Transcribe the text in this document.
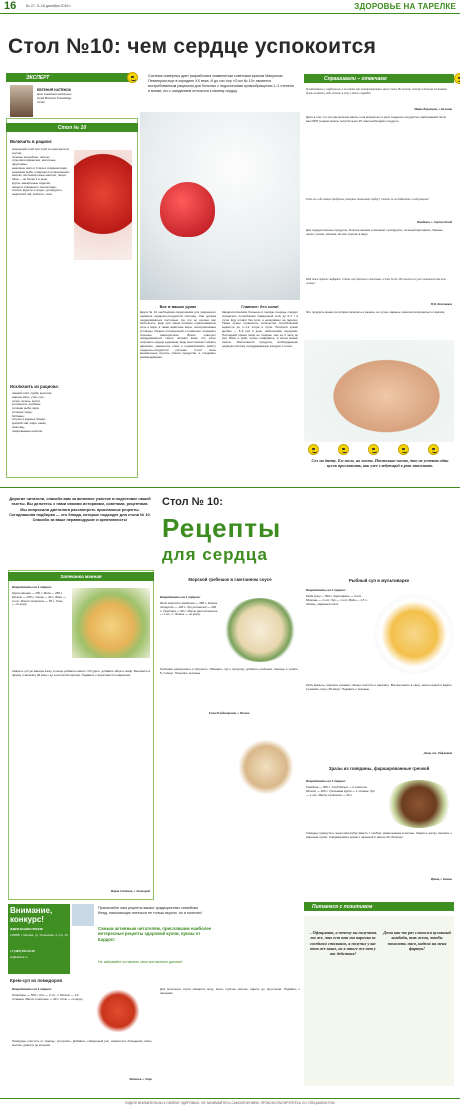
16	№ 27, 5–18 декабря 2016 г.	ЗДОРОВЬЕ НА ТАРЕЛКЕ
Стол №10: чем сердце успокоится
ЭКСПЕРТ

ЕВГЕНИЯ НАТЯЖОК
врач семейной медицины Israel Bonicam Knowledge center
Система номерных диет разработана знаменитым советским врачом Мануилом Певзнером еще в середине XX века. И до сих пор «Стол № 10» является востребованным рационом для больных с недостатками кровообращения 1–2 степени и всеми, кто с ожиданием относится к своему сердцу.
Стол № 10
Включить в рацион:
вчерашний хлеб или хлеб из муки высших сортов;
печенье несдобное, галеты;
супы вегетарианские, молочные, фруктовые;
нежирное мясо и птица в отварном виде;
нежирная рыба, отварная или запечённая;
молоко, кисломолочные напитки, творог;
яйца — не более 1 в день;
крупы, макаронные изделия;
овощи в отварном и сыром виде;
спелые фрукты и ягоды, сухофрукты;
некрепкий чай, компоты, соки.
Исключить из рациона:
свежий хлеб, сдоба, выпечка;
жирное мясо, утка, гусь;
почки, печень, мозги;
копчёности, колбасы;
солёная рыба, икра;
солёные сыры;
бобовые;
острые и жирные блюда;
крепкий чай, кофе, какао;
шоколад;
газированные напитки.
Все в ваших руках
Диета № 10 необходима сердечникам для умеренного щажения сердечно-сосудистой системы. Она должна поддерживаться постоянно. Но это не должно вас беспокоить, ведь при таком питании ограничиваются соль и вода, а также животные жиры, легкоусвояемые углеводы. Рацион полноценный и позволяет сохранять хорошее самочувствие. Врачи советуют придерживаться такого питания всем, кто хочет сохранить сердце здоровым, ведь она помогает снизить давление, уменьшить отеки и нормализовать работу сердечно-сосудистой системы. Стоит лишь внимательно изучить списки продуктов, и следовать рекомендациям.
Главное: без соли!
Кардиологическим больным в первую очередь следует ограничить потребление поваренной соли до 5–7 г в сутки. Еду готовят без соли, а досаливают на тарелке. Также нужно ограничить количество потребляемой жидкости до 1–1,2 литра в сутки. Питаться нужно дробно — 5–6 раз в день, небольшими порциями. Последний прием пищи не позднее чем за 3 часа до сна. Мясо и рыбу лучше отваривать, а затем можно запечь. Исключаются продукты, возбуждающие нервную систему и раздражающие желудок и почки.
Спрашивали – отвечаем

Я наблюдаюсь у кардиолога, и он сказал мне контролировать массу тела. Но почему, почему я должна постоянно быть на диете, ведь лечить я хочу у меня в порядке!
Мария Воронцова, г. Коломна
Дело в том, что при увеличении массы тела возрастает и риск сердечно-сосудистых заболеваний. Если ваш ИМТ (индекс массы тела) больше 25, вам необходимо похудеть.
Есть ли в еде такие продукты, которые помогают сердцу? Стоит ли их добавлять в свой рацион?
Венедикт, г. Сергиев Посад
Для сердца полезны продукты, богатые калием и магнием: сухофрукты, печеный картофель, бананы, орехи, гречка, овсянка. Но все хорошо в меру.
Мой отец перенес инфаркт. Сейчас ему диетолог советовал «Стол №10». Но можно ли уже питаться так всю жизнь?
Н.В. Железняков
Эти продукты можно регулярно включать в рацион, но лучше заранее проконсультироваться с врачом.

Сел на диету. Ем мало, но часто. Настолько часто, что не успеваю один кусок проглотить, как уже следующий в рот запихиваю.
Дорогие читатели, спасибо вам за активное участие в подготовке нашей газеты. Вы делитесь с нами своими историями, советами, рецептами. Мы попросили диетолога рассмотреть присланные рецепты. Сегодняшняя подборка — это блюда, которые подходят для стола № 10. Спасибо за ваше неравнодушие и креативность!
Стол № 10:
Рецепты
для сердца
Запеканка манная
Ингредиенты на 4 порции:
Крупа манная — 150 г. Вода — 450 г. Молоко — 450 г. Сахар — 40 г. Яйцо — 2 шт. Масло сливочное — 50 г. Соль — по вкусу.
Сварить густую манную кашу, в конце добавить масло. Остудить, добавить яйца и сахар. Выложить в форму и запекать 30 минут до золотистой корочки. Подавать с фруктами или вареньем.
Мария Семёнова, г. Зеленоград
Морской гребешок в сметанном соусе
Ингредиенты на 1 порцию:
Филе морского гребешка — 300 г. Корень петрушки — 100 г. Лук репчатый — 100 г. Сметана — 60 г. Масло растительное — 2 ст. л. Зелень — по вкусу.
Гребешки разморозить и обсушить. Обжарить лук и петрушку, добавить гребешки, сметану и тушить 5–7 минут. Посыпать зеленью.
Елена Владимировна, г. Москва
Рыбный суп в мультиварке
Ингредиенты на 4 порции:
Рыба (хек) — 500 г. Картофель — 3 шт. Морковь — 1 шт. Лук — 1 шт. Вода — 1,5 л. Зелень, лавровый лист.
Рыбу вымыть, порезать кусками. Овощи очистить и нарезать. Всё выложить в чашу, залить водой и варить в режиме «Суп» 60 минут. Подавать с зеленью.
Даша, пос. Редукиный
Зразы из говядины, фаршированные гречкой
Ингредиенты на 4 порции:
Говядина — 500 г. Хлеб белый — 2 ломтика. Молоко — 200 г. Гречневая крупа — 1 стакан. Лук — 1 шт. Масло сливочное — 20 г.
Говядину прокрутить через мясорубку вместе с хлебом, размоченным в молоке. Сварить гречку, смешать с жареным луком. Сформировать зразы с начинкой и запечь 20–30 минут.
Ирина, г. Казань
Внимание, конкурс!
ЖДЕМ ВАШИХ ПИСЕМ!
115088, г. Москва, ул. Угрешская, 2, стр. 15
+7 (495) 502-20-00
pr@kardos.ru
Присылайте нам рецепты ваших традиционных семейных блюд, помогающих питаться не только вкусно, но и полезно!
Самым активным читателям, приславшим наиболее интересные рецепты здоровой кухни, призы от Кардос!
Не забывайте оставлять свои контактные данные!
Крем-суп из помидоров
Ингредиенты на 4 порции:
Помидоры — 500 г. Рис — 2 ст. л. Молоко — 1/2 стакана. Масло сливочное — 30 г. Соль — по вкусу.
Помидоры очистить от кожицы, протушить. Добавить отваренный рис, измельчить блендером, влить молоко, довести до кипения.
Наталья, г. Тверь
Для молочного соуса обжарить муку, влить горячее молоко, варить до загустения. Подавать с овощами.
Питаемся с позитивом
– Официант, а почему вы получить то же, что ест вот та парочка за соседним столиком, я получил у вас тот же заказ, но в итоге же нет у вас действия!
Дома как-то раз сломался кухонный комбайн, так жена, чтобы помолоть мясо, надела на меня фартук!
БУДЬТЕ ВНИМАТЕЛЬНЫ К СВОЕМУ ЗДОРОВЬЮ. НЕ ЗАНИМАЙТЕСЬ САМОЛЕЧЕНИЕМ, ПРОКОНСУЛЬТИРУЙТЕСЬ СО СПЕЦИАЛИСТОМ
